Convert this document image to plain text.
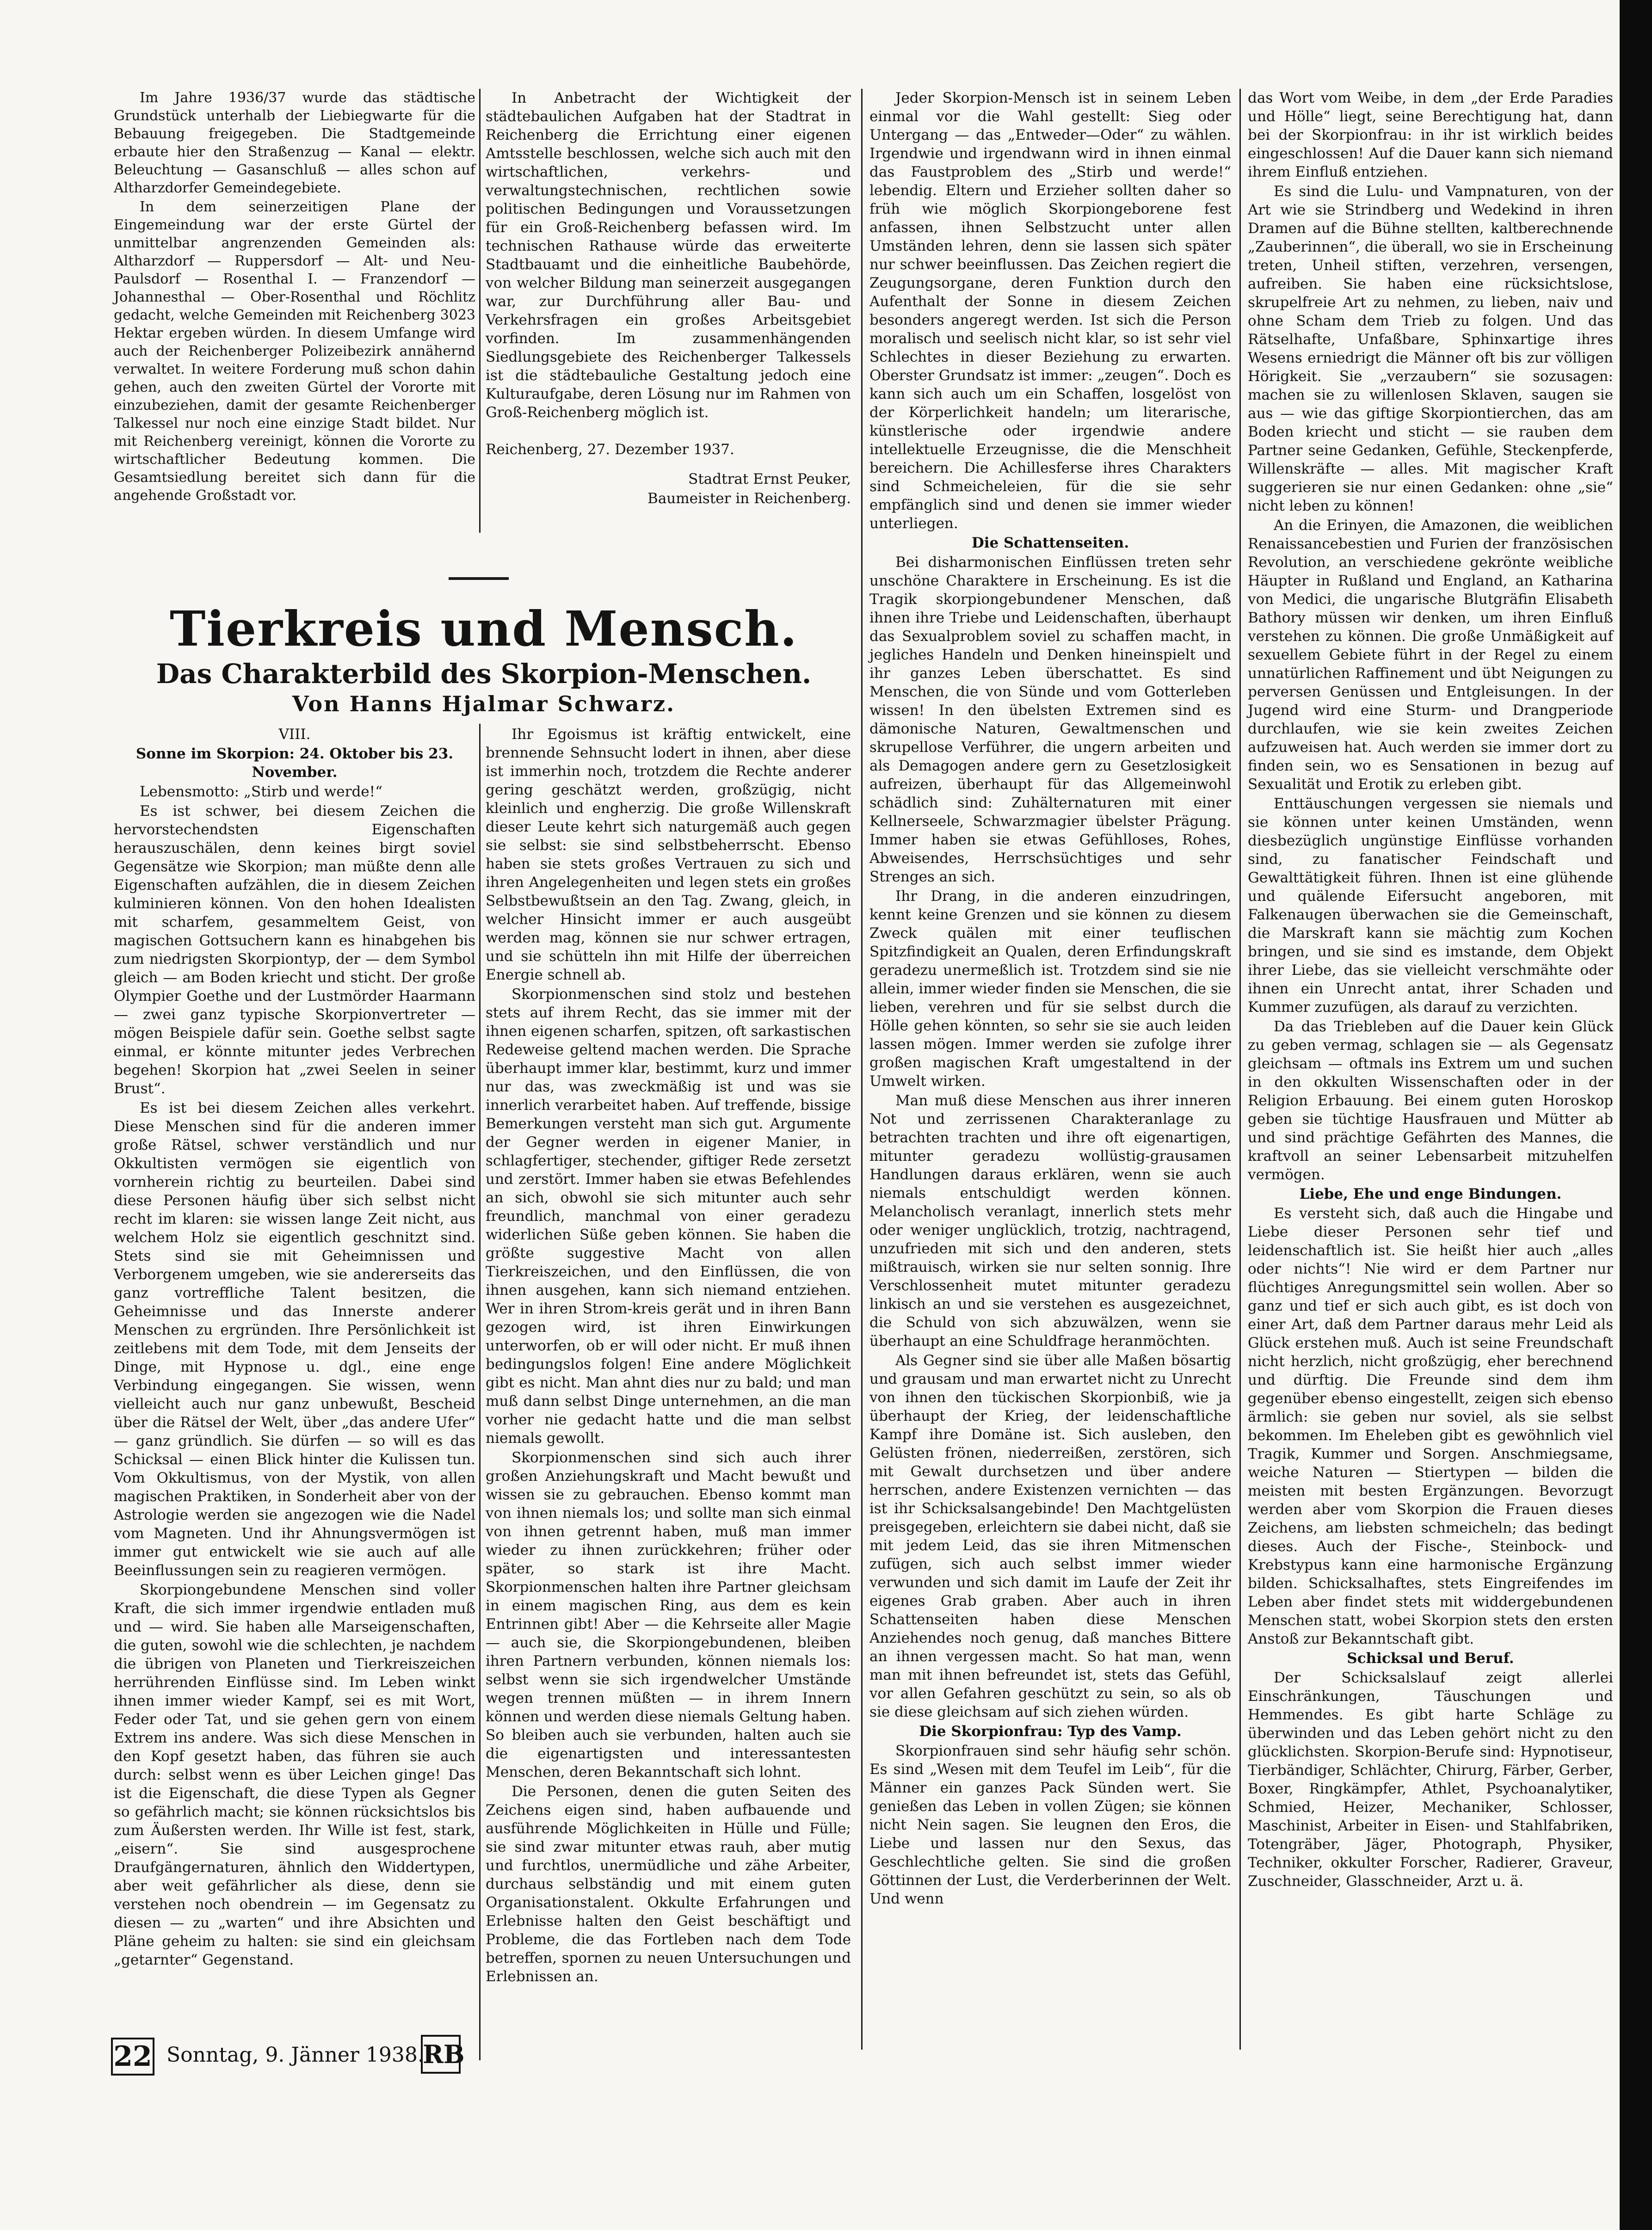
Im Jahre 1936/37 wurde das städtische Grundstück unterhalb der Liebiegwarte für die Bebauung freigegeben. Die Stadtgemeinde erbaute hier den Straßenzug — Kanal — elektr. Beleuchtung — Gasanschluß — alles schon auf Altharzdorfer Gemeindegebiete.

In dem seinerzeitigen Plane der Eingemeindung war der erste Gürtel der unmittelbar angrenzenden Gemeinden als: Altharzdorf — Ruppersdorf — Alt- und Neu-Paulsdorf — Rosenthal I. — Franzendorf — Johannesthal — Ober-Rosenthal und Röchlitz gedacht, welche Gemeinden mit Reichenberg 3023 Hektar ergeben würden. In diesem Umfange wird auch der Reichenberger Polizeibezirk annähernd verwaltet. In weitere Forderung muß schon dahin gehen, auch den zweiten Gürtel der Vororte mit einzubeziehen, damit der gesamte Reichenberger Talkessel nur noch eine einzige Stadt bildet. Nur mit Reichenberg vereinigt, können die Vororte zu wirtschaftlicher Bedeutung kommen. Die Gesamtsiedlung bereitet sich dann für die angehende Großstadt vor.

In Anbetracht der Wichtigkeit der städtebaulichen Aufgaben hat der Stadtrat in Reichenberg die Errichtung einer eigenen Amtsstelle beschlossen, welche sich auch mit den wirtschaftlichen, verkehrs- und verwaltungstechnischen, rechtlichen sowie politischen Bedingungen und Voraussetzungen für ein Groß-Reichenberg befassen wird. Im technischen Rathause würde das erweiterte Stadtbauamt und die einheitliche Baubehörde, von welcher Bildung man seinerzeit ausgegangen war, zur Durchführung aller Bau- und Verkehrsfragen ein großes Arbeitsgebiet vorfinden. Im zusammenhängenden Siedlungsgebiete des Reichenberger Talkessels ist die städtebauliche Gestaltung jedoch eine Kulturaufgabe, deren Lösung nur im Rahmen von Groß-Reichenberg möglich ist.

Reichenberg, 27. Dezember 1937.

Stadtrat Ernst Peuker,

Baumeister in Reichenberg.

Tierkreis und Mensch.
Das Charakterbild des Skorpion-Menschen.
Von Hanns Hjalmar Schwarz.

VIII.

Sonne im Skorpion: 24. Oktober bis 23. November.

Lebensmotto: „Stirb und werde!“

Es ist schwer, bei diesem Zeichen die hervorstechendsten Eigenschaften herauszuschälen, denn keines birgt soviel Gegensätze wie Skorpion; man müßte denn alle Eigenschaften aufzählen, die in diesem Zeichen kulminieren können. Von den hohen Idealisten mit scharfem, gesammeltem Geist, von magischen Gottsuchern kann es hinabgehen bis zum niedrigsten Skorpiontyp, der — dem Symbol gleich — am Boden kriecht und sticht. Der große Olympier Goethe und der Lustmörder Haarmann — zwei ganz typische Skorpionvertreter — mögen Beispiele dafür sein. Goethe selbst sagte einmal, er könnte mitunter jedes Verbrechen begehen! Skorpion hat „zwei Seelen in seiner Brust“.

Es ist bei diesem Zeichen alles verkehrt. Diese Menschen sind für die anderen immer große Rätsel, schwer verständlich und nur Okkultisten vermögen sie eigentlich von vornherein richtig zu beurteilen. Dabei sind diese Personen häufig über sich selbst nicht recht im klaren: sie wissen lange Zeit nicht, aus welchem Holz sie eigentlich geschnitzt sind. Stets sind sie mit Geheimnissen und Verborgenem umgeben, wie sie andererseits das ganz vortreffliche Talent besitzen, die Geheimnisse und das Innerste anderer Menschen zu ergründen. Ihre Persönlichkeit ist zeitlebens mit dem Tode, mit dem Jenseits der Dinge, mit Hypnose u. dgl., eine enge Verbindung eingegangen. Sie wissen, wenn vielleicht auch nur ganz unbewußt, Bescheid über die Rätsel der Welt, über „das andere Ufer“ — ganz gründlich. Sie dürfen — so will es das Schicksal — einen Blick hinter die Kulissen tun. Vom Okkultismus, von der Mystik, von allen magischen Praktiken, in Sonderheit aber von der Astrologie werden sie angezogen wie die Nadel vom Magneten. Und ihr Ahnungsvermögen ist immer gut entwickelt wie sie auch auf alle Beeinflussungen sein zu reagieren vermögen.

Skorpiongebundene Menschen sind voller Kraft, die sich immer irgendwie entladen muß und — wird. Sie haben alle Marseigenschaften, die guten, sowohl wie die schlechten, je nachdem die übrigen von Planeten und Tierkreiszeichen herrührenden Einflüsse sind. Im Leben winkt ihnen immer wieder Kampf, sei es mit Wort, Feder oder Tat, und sie gehen gern von einem Extrem ins andere. Was sich diese Menschen in den Kopf gesetzt haben, das führen sie auch durch: selbst wenn es über Leichen ginge! Das ist die Eigenschaft, die diese Typen als Gegner so gefährlich macht; sie können rücksichtslos bis zum Äußersten werden. Ihr Wille ist fest, stark, „eisern“. Sie sind ausgesprochene Draufgängernaturen, ähnlich den Widdertypen, aber weit gefährlicher als diese, denn sie verstehen noch obendrein — im Gegensatz zu diesen — zu „warten“ und ihre Absichten und Pläne geheim zu halten: sie sind ein gleichsam „getarnter“ Gegenstand.

Ihr Egoismus ist kräftig entwickelt, eine brennende Sehnsucht lodert in ihnen, aber diese ist immerhin noch, trotzdem die Rechte anderer gering geschätzt werden, großzügig, nicht kleinlich und engherzig. Die große Willenskraft dieser Leute kehrt sich naturgemäß auch gegen sie selbst: sie sind selbstbeherrscht. Ebenso haben sie stets großes Vertrauen zu sich und ihren Angelegenheiten und legen stets ein großes Selbstbewußtsein an den Tag. Zwang, gleich, in welcher Hinsicht immer er auch ausgeübt werden mag, können sie nur schwer ertragen, und sie schütteln ihn mit Hilfe der überreichen Energie schnell ab.

Skorpionmenschen sind stolz und bestehen stets auf ihrem Recht, das sie immer mit der ihnen eigenen scharfen, spitzen, oft sarkastischen Redeweise geltend machen werden. Die Sprache überhaupt immer klar, bestimmt, kurz und immer nur das, was zweckmäßig ist und was sie innerlich verarbeitet haben. Auf treffende, bissige Bemerkungen versteht man sich gut. Argumente der Gegner werden in eigener Manier, in schlagfertiger, stechender, giftiger Rede zersetzt und zerstört. Immer haben sie etwas Befehlendes an sich, obwohl sie sich mitunter auch sehr freundlich, manchmal von einer geradezu widerlichen Süße geben können. Sie haben die größte suggestive Macht von allen Tierkreiszeichen, und den Einflüssen, die von ihnen ausgehen, kann sich niemand entziehen. Wer in ihren Strom-kreis gerät und in ihren Bann gezogen wird, ist ihren Einwirkungen unterworfen, ob er will oder nicht. Er muß ihnen bedingungslos folgen! Eine andere Möglichkeit gibt es nicht. Man ahnt dies nur zu bald; und man muß dann selbst Dinge unternehmen, an die man vorher nie gedacht hatte und die man selbst niemals gewollt.

Skorpionmenschen sind sich auch ihrer großen Anziehungskraft und Macht bewußt und wissen sie zu gebrauchen. Ebenso kommt man von ihnen niemals los; und sollte man sich einmal von ihnen getrennt haben, muß man immer wieder zu ihnen zurückkehren; früher oder später, so stark ist ihre Macht. Skorpionmenschen halten ihre Partner gleichsam in einem magischen Ring, aus dem es kein Entrinnen gibt! Aber — die Kehrseite aller Magie — auch sie, die Skorpiongebundenen, bleiben ihren Partnern verbunden, können niemals los: selbst wenn sie sich irgendwelcher Umstände wegen trennen müßten — in ihrem Innern können und werden diese niemals Geltung haben. So bleiben auch sie verbunden, halten auch sie die eigenartigsten und interessantesten Menschen, deren Bekanntschaft sich lohnt.

Die Personen, denen die guten Seiten des Zeichens eigen sind, haben aufbauende und ausführende Möglichkeiten in Hülle und Fülle; sie sind zwar mitunter etwas rauh, aber mutig und furchtlos, unermüdliche und zähe Arbeiter, durchaus selbständig und mit einem guten Organisationstalent. Okkulte Erfahrungen und Erlebnisse halten den Geist beschäftigt und Probleme, die das Fortleben nach dem Tode betreffen, spornen zu neuen Untersuchungen und Erlebnissen an.

Jeder Skorpion-Mensch ist in seinem Leben einmal vor die Wahl gestellt: Sieg oder Untergang — das „Entweder—Oder“ zu wählen. Irgendwie und irgendwann wird in ihnen einmal das Faustproblem des „Stirb und werde!“ lebendig. Eltern und Erzieher sollten daher so früh wie möglich Skorpiongeborene fest anfassen, ihnen Selbstzucht unter allen Umständen lehren, denn sie lassen sich später nur schwer beeinflussen. Das Zeichen regiert die Zeugungsorgane, deren Funktion durch den Aufenthalt der Sonne in diesem Zeichen besonders angeregt werden. Ist sich die Person moralisch und seelisch nicht klar, so ist sehr viel Schlechtes in dieser Beziehung zu erwarten. Oberster Grundsatz ist immer: „zeugen“. Doch es kann sich auch um ein Schaffen, losgelöst von der Körperlichkeit handeln; um literarische, künstlerische oder irgendwie andere intellektuelle Erzeugnisse, die die Menschheit bereichern. Die Achillesferse ihres Charakters sind Schmeicheleien, für die sie sehr empfänglich sind und denen sie immer wieder unterliegen.

Die Schattenseiten.

Bei disharmonischen Einflüssen treten sehr unschöne Charaktere in Erscheinung. Es ist die Tragik skorpiongebundener Menschen, daß ihnen ihre Triebe und Leidenschaften, überhaupt das Sexualproblem soviel zu schaffen macht, in jegliches Handeln und Denken hineinspielt und ihr ganzes Leben überschattet. Es sind Menschen, die von Sünde und vom Gotterleben wissen! In den übelsten Extremen sind es dämonische Naturen, Gewaltmenschen und skrupellose Verführer, die ungern arbeiten und als Demagogen andere gern zu Gesetzlosigkeit aufreizen, überhaupt für das Allgemeinwohl schädlich sind: Zuhälternaturen mit einer Kellnerseele, Schwarzmagier übelster Prägung. Immer haben sie etwas Gefühlloses, Rohes, Abweisendes, Herrschsüchtiges und sehr Strenges an sich.

Ihr Drang, in die anderen einzudringen, kennt keine Grenzen und sie können zu diesem Zweck quälen mit einer teuflischen Spitzfindigkeit an Qualen, deren Erfindungskraft geradezu unermeßlich ist. Trotzdem sind sie nie allein, immer wieder finden sie Menschen, die sie lieben, verehren und für sie selbst durch die Hölle gehen könnten, so sehr sie sie auch leiden lassen mögen. Immer werden sie zufolge ihrer großen magischen Kraft umgestaltend in der Umwelt wirken.

Man muß diese Menschen aus ihrer inneren Not und zerrissenen Charakteranlage zu betrachten trachten und ihre oft eigenartigen, mitunter geradezu wollüstig-grausamen Handlungen daraus erklären, wenn sie auch niemals entschuldigt werden können. Melancholisch veranlagt, innerlich stets mehr oder weniger unglücklich, trotzig, nachtragend, unzufrieden mit sich und den anderen, stets mißtrauisch, wirken sie nur selten sonnig. Ihre Verschlossenheit mutet mitunter geradezu linkisch an und sie verstehen es ausgezeichnet, die Schuld von sich abzuwälzen, wenn sie überhaupt an eine Schuldfrage heranmöchten.

Als Gegner sind sie über alle Maßen bösartig und grausam und man erwartet nicht zu Unrecht von ihnen den tückischen Skorpionbiß, wie ja überhaupt der Krieg, der leidenschaftliche Kampf ihre Domäne ist. Sich ausleben, den Gelüsten frönen, niederreißen, zerstören, sich mit Gewalt durchsetzen und über andere herrschen, andere Existenzen vernichten — das ist ihr Schicksalsangebinde! Den Machtgelüsten preisgegeben, erleichtern sie dabei nicht, daß sie mit jedem Leid, das sie ihren Mitmenschen zufügen, sich auch selbst immer wieder verwunden und sich damit im Laufe der Zeit ihr eigenes Grab graben. Aber auch in ihren Schattenseiten haben diese Menschen Anziehendes noch genug, daß manches Bittere an ihnen vergessen macht. So hat man, wenn man mit ihnen befreundet ist, stets das Gefühl, vor allen Gefahren geschützt zu sein, so als ob sie diese gleichsam auf sich ziehen würden.

Die Skorpionfrau: Typ des Vamp.

Skorpionfrauen sind sehr häufig sehr schön. Es sind „Wesen mit dem Teufel im Leib“, für die Männer ein ganzes Pack Sünden wert. Sie genießen das Leben in vollen Zügen; sie können nicht Nein sagen. Sie leugnen den Eros, die Liebe und lassen nur den Sexus, das Geschlechtliche gelten. Sie sind die großen Göttinnen der Lust, die Verderberinnen der Welt. Und wenn

das Wort vom Weibe, in dem „der Erde Paradies und Hölle“ liegt, seine Berechtigung hat, dann bei der Skorpionfrau: in ihr ist wirklich beides eingeschlossen! Auf die Dauer kann sich niemand ihrem Einfluß entziehen.

Es sind die Lulu- und Vampnaturen, von der Art wie sie Strindberg und Wedekind in ihren Dramen auf die Bühne stellten, kaltberechnende „Zauberinnen“, die überall, wo sie in Erscheinung treten, Unheil stiften, verzehren, versengen, aufreiben. Sie haben eine rücksichtslose, skrupelfreie Art zu nehmen, zu lieben, naiv und ohne Scham dem Trieb zu folgen. Und das Rätselhafte, Unfaßbare, Sphinxartige ihres Wesens erniedrigt die Männer oft bis zur völligen Hörigkeit. Sie „verzaubern“ sie sozusagen: machen sie zu willenlosen Sklaven, saugen sie aus — wie das giftige Skorpiontierchen, das am Boden kriecht und sticht — sie rauben dem Partner seine Gedanken, Gefühle, Steckenpferde, Willenskräfte — alles. Mit magischer Kraft suggerieren sie nur einen Gedanken: ohne „sie“ nicht leben zu können!

An die Erinyen, die Amazonen, die weiblichen Renaissancebestien und Furien der französischen Revolution, an verschiedene gekrönte weibliche Häupter in Rußland und England, an Katharina von Medici, die ungarische Blutgräfin Elisabeth Bathory müssen wir denken, um ihren Einfluß verstehen zu können. Die große Unmäßigkeit auf sexuellem Gebiete führt in der Regel zu einem unnatürlichen Raffinement und übt Neigungen zu perversen Genüssen und Entgleisungen. In der Jugend wird eine Sturm- und Drangperiode durchlaufen, wie sie kein zweites Zeichen aufzuweisen hat. Auch werden sie immer dort zu finden sein, wo es Sensationen in bezug auf Sexualität und Erotik zu erleben gibt.

Enttäuschungen vergessen sie niemals und sie können unter keinen Umständen, wenn diesbezüglich ungünstige Einflüsse vorhanden sind, zu fanatischer Feindschaft und Gewalttätigkeit führen. Ihnen ist eine glühende und quälende Eifersucht angeboren, mit Falkenaugen überwachen sie die Gemeinschaft, die Marskraft kann sie mächtig zum Kochen bringen, und sie sind es imstande, dem Objekt ihrer Liebe, das sie vielleicht verschmähte oder ihnen ein Unrecht antat, ihrer Schaden und Kummer zuzufügen, als darauf zu verzichten.

Da das Triebleben auf die Dauer kein Glück zu geben vermag, schlagen sie — als Gegensatz gleichsam — oftmals ins Extrem um und suchen in den okkulten Wissenschaften oder in der Religion Erbauung. Bei einem guten Horoskop geben sie tüchtige Hausfrauen und Mütter ab und sind prächtige Gefährten des Mannes, die kraftvoll an seiner Lebensarbeit mitzuhelfen vermögen.

Liebe, Ehe und enge Bindungen.

Es versteht sich, daß auch die Hingabe und Liebe dieser Personen sehr tief und leidenschaftlich ist. Sie heißt hier auch „alles oder nichts“! Nie wird er dem Partner nur flüchtiges Anregungsmittel sein wollen. Aber so ganz und tief er sich auch gibt, es ist doch von einer Art, daß dem Partner daraus mehr Leid als Glück erstehen muß. Auch ist seine Freundschaft nicht herzlich, nicht großzügig, eher berechnend und dürftig. Die Freunde sind dem ihm gegenüber ebenso eingestellt, zeigen sich ebenso ärmlich: sie geben nur soviel, als sie selbst bekommen. Im Eheleben gibt es gewöhnlich viel Tragik, Kummer und Sorgen. Anschmiegsame, weiche Naturen — Stiertypen — bilden die meisten mit besten Ergänzungen. Bevorzugt werden aber vom Skorpion die Frauen dieses Zeichens, am liebsten schmeicheln; das bedingt dieses. Auch der Fische-, Steinbock- und Krebstypus kann eine harmonische Ergänzung bilden. Schicksalhaftes, stets Eingreifendes im Leben aber findet stets mit widdergebundenen Menschen statt, wobei Skorpion stets den ersten Anstoß zur Bekanntschaft gibt.

Schicksal und Beruf.

Der Schicksalslauf zeigt allerlei Einschränkungen, Täuschungen und Hemmendes. Es gibt harte Schläge zu überwinden und das Leben gehört nicht zu den glücklichsten. Skorpion-Berufe sind: Hypnotiseur, Tierbändiger, Schlächter, Chirurg, Färber, Gerber, Boxer, Ringkämpfer, Athlet, Psychoanalytiker, Schmied, Heizer, Mechaniker, Schlosser, Maschinist, Arbeiter in Eisen- und Stahlfabriken, Totengräber, Jäger, Photograph, Physiker, Techniker, okkulter Forscher, Radierer, Graveur, Zuschneider, Glasschneider, Arzt u. ä.

22 Sonntag, 9. Jänner 1938.
RB
